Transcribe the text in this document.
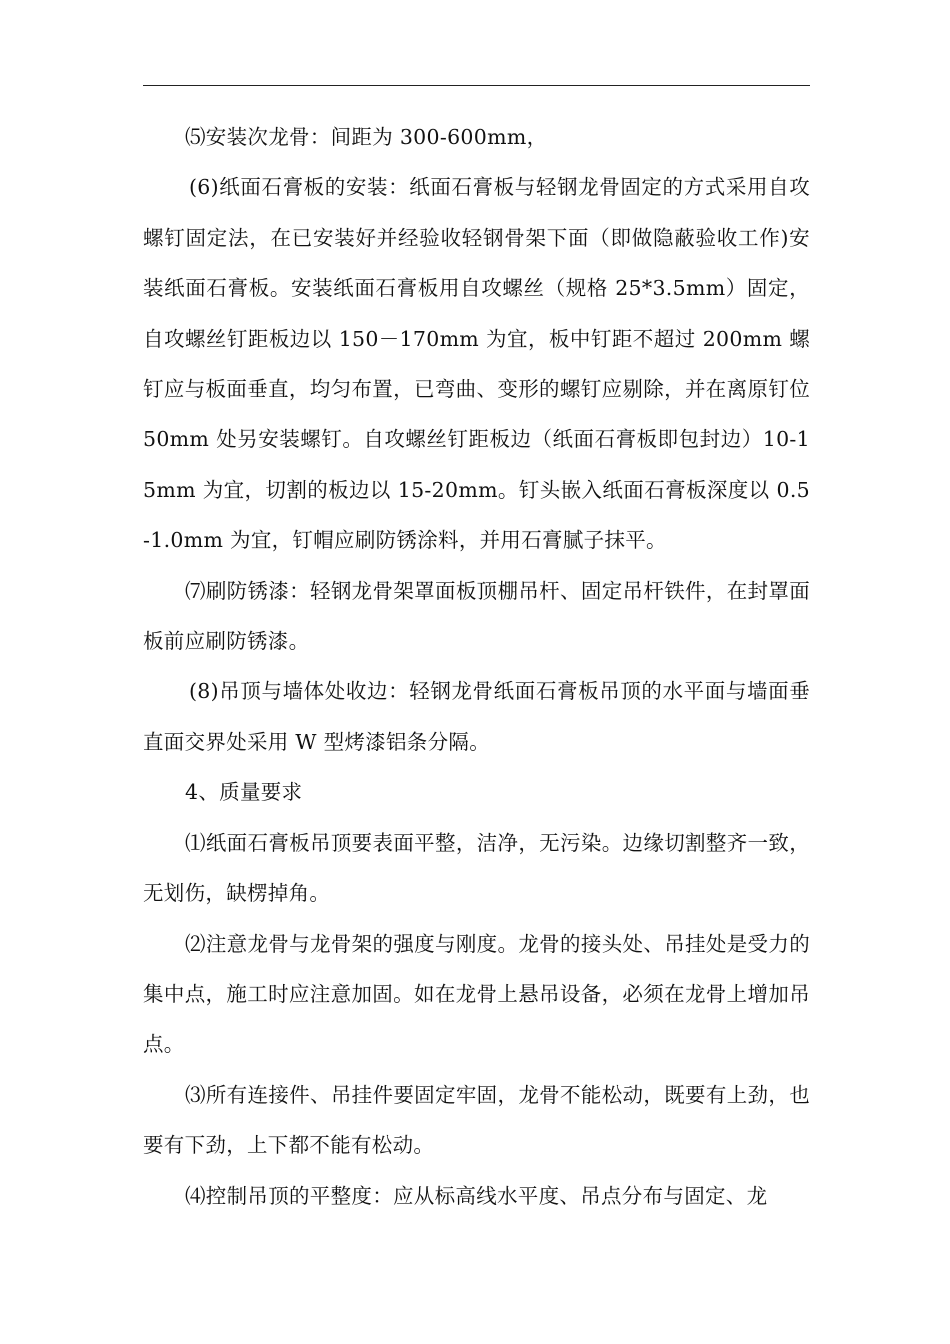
⑸安装次龙骨：间距为 300-600mm，

(6)纸面石膏板的安装：纸面石膏板与轻钢龙骨固定的方式采用自攻螺钉固定法，在已安装好并经验收轻钢骨架下面（即做隐蔽验收工作)安装纸面石膏板。安装纸面石膏板用自攻螺丝（规格 25*3.5mm）固定，自攻螺丝钉距板边以 150－170mm 为宜，板中钉距不超过 200mm 螺钉应与板面垂直，均匀布置，已弯曲、变形的螺钉应剔除，并在离原钉位 50mm 处另安装螺钉。自攻螺丝钉距板边（纸面石膏板即包封边）10-15mm 为宜，切割的板边以 15-20mm。钉头嵌入纸面石膏板深度以 0.5-1.0mm 为宜，钉帽应刷防锈涂料，并用石膏腻子抹平。

⑺刷防锈漆：轻钢龙骨架罩面板顶棚吊杆、固定吊杆铁件，在封罩面板前应刷防锈漆。

(8)吊顶与墙体处收边：轻钢龙骨纸面石膏板吊顶的水平面与墙面垂直面交界处采用 W 型烤漆铝条分隔。

4、质量要求

⑴纸面石膏板吊顶要表面平整，洁净，无污染。边缘切割整齐一致，无划伤，缺楞掉角。

⑵注意龙骨与龙骨架的强度与刚度。龙骨的接头处、吊挂处是受力的集中点，施工时应注意加固。如在龙骨上悬吊设备，必须在龙骨上增加吊点。

⑶所有连接件、吊挂件要固定牢固，龙骨不能松动，既要有上劲，也要有下劲，上下都不能有松动。

⑷控制吊顶的平整度：应从标高线水平度、吊点分布与固定、龙
